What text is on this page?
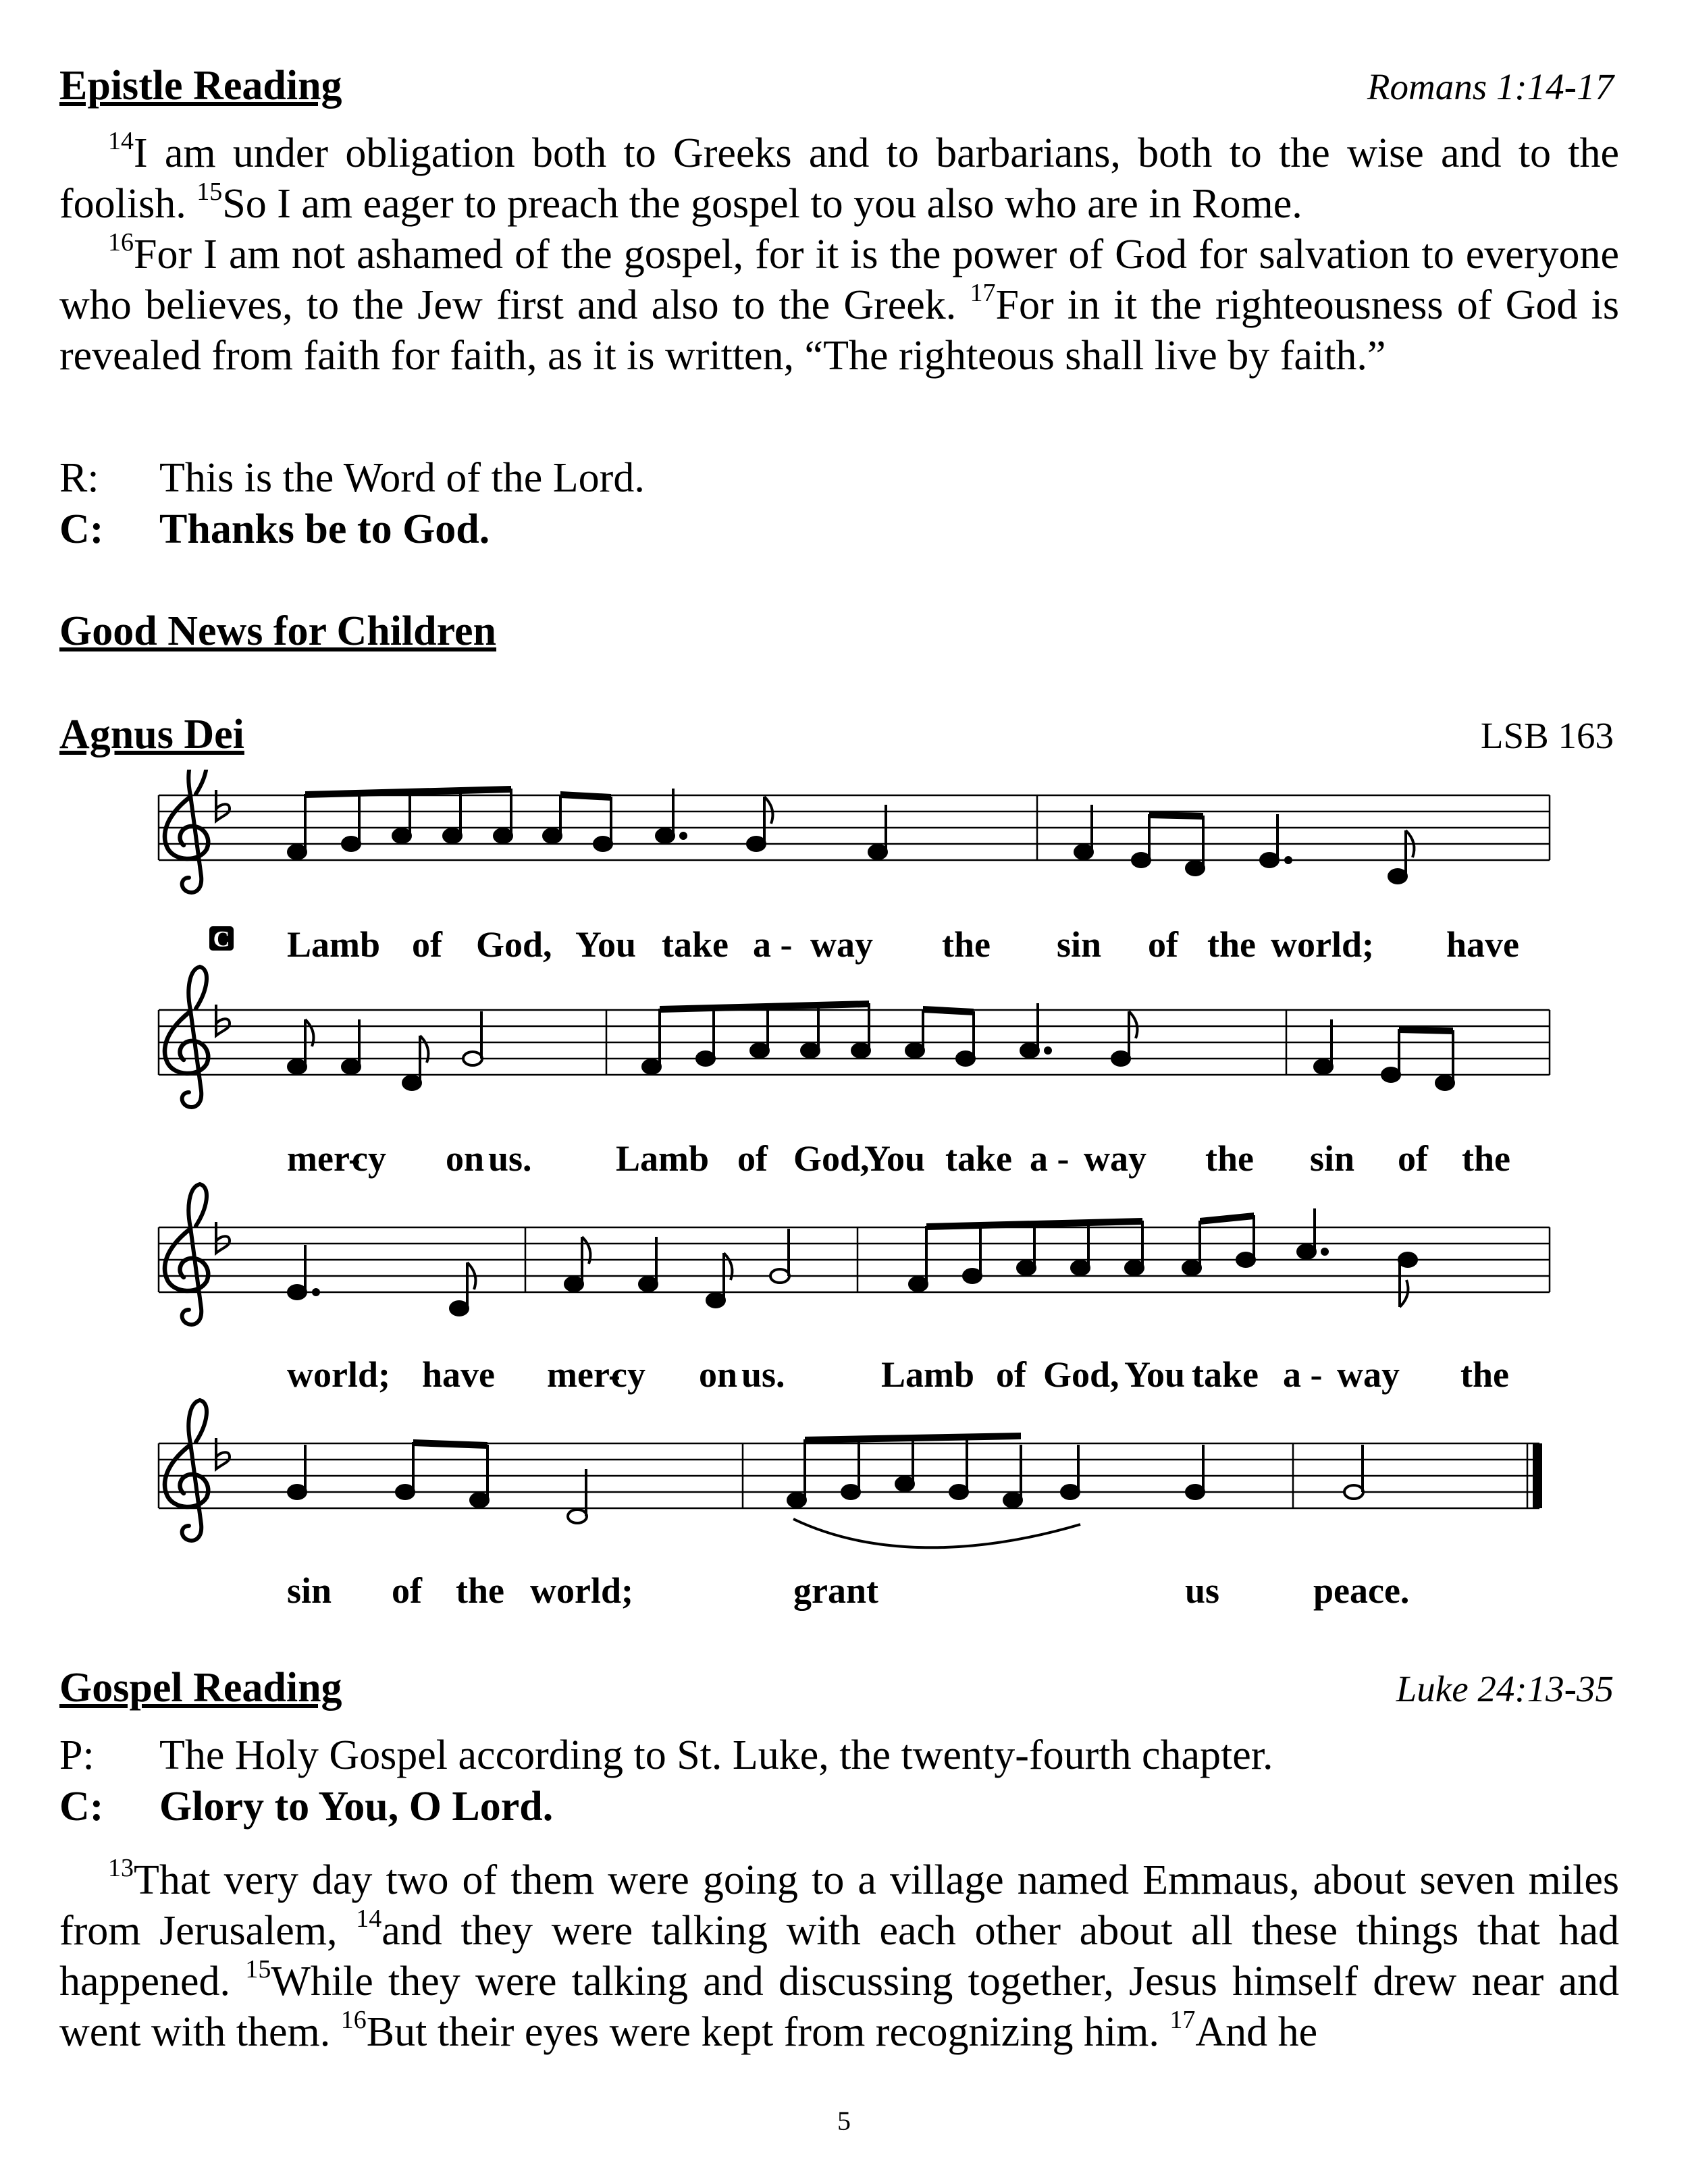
Epistle Reading	Romans 1:14-17
$^{14}$I am under obligation both to Greeks and to barbarians, both to the wise and to the foolish. $^{15}$So I am eager to preach the gospel to you also who are in Rome.
$^{16}$For I am not ashamed of the gospel, for it is the power of God for salvation to everyone who believes, to the Jew first and also to the Greek. $^{17}$For in it the righteousness of God is revealed from faith for faith, as it is written, “The righteous shall live by faith.”
R: This is the Word of the Lord.
C: Thanks be to God.
Good News for Children
Agnus Dei	LSB 163
C Lamb of God, You take a - way the sin of the world; have
mer-
cy on us. Lamb of God,
You take a - way the sin of the
world; have mer-
cy on us.	Lamb of God, You take a - way the
sin of the world;	grant	us	peace.
Gospel Reading	Luke 24:13-35
P: The Holy Gospel according to St. Luke, the twenty-fourth chapter.
C: Glory to You, O Lord.
$^{13}$That very day two of them were going to a village named Emmaus, about seven miles from Jerusalem, $^{14}$and they were talking with each other about all these things that had happened. $^{15}$While they were talking and discussing together, Jesus himself drew near and went with them. $^{16}$But their eyes were kept from recognizing him. $^{17}$And he
5
